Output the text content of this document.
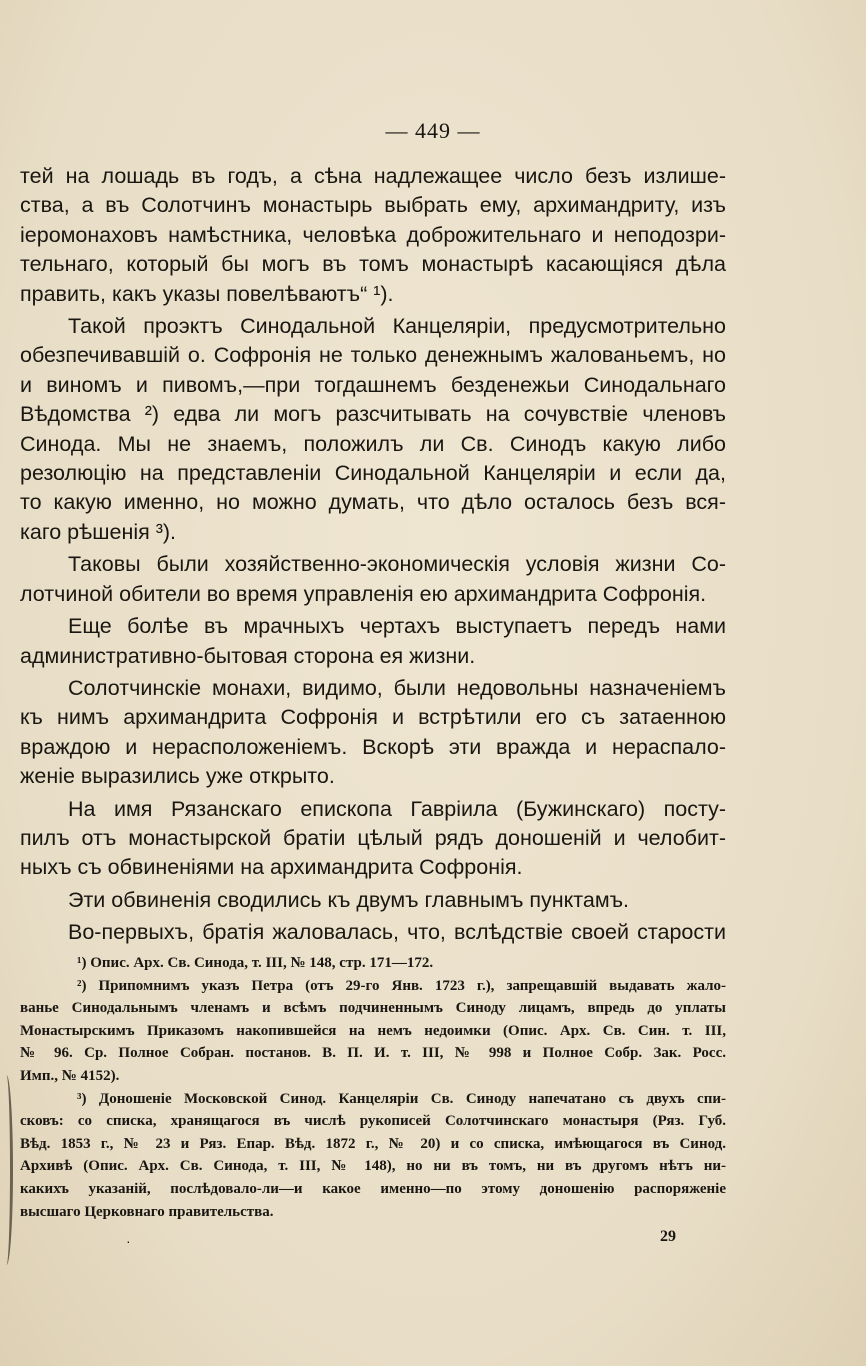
— 449 —
тей на лошадь въ годъ, а сѣна надлежащее число безъ излише-
ства, а въ Солотчинъ монастырь выбрать ему, архимандриту, изъ
іеромонаховъ намѣстника, человѣка доброжительнаго и неподозри-
тельнаго, который бы могъ въ томъ монастырѣ касающіяся дѣла
править, какъ указы повелѣваютъ“ ¹).
Такой проэктъ Синодальной Канцеляріи, предусмотрительно
обезпечивавшій о. Софронія не только денежнымъ жалованьемъ, но
и виномъ и пивомъ,—при тогдашнемъ безденежьи Синодальнаго
Вѣдомства ²) едва ли могъ разсчитывать на сочувствіе членовъ
Синода. Мы не знаемъ, положилъ ли Св. Синодъ какую либо
резолюцію на представленіи Синодальной Канцеляріи и если да,
то какую именно, но можно думать, что дѣло осталось безъ вся-
каго рѣшенія ³).
Таковы были хозяйственно-экономическія условія жизни Со-
лотчиной обители во время управленія ею архимандрита Софронія.
Еще болѣе въ мрачныхъ чертахъ выступаетъ передъ нами
административно-бытовая сторона ея жизни.
Солотчинскіе монахи, видимо, были недовольны назначеніемъ
къ нимъ архимандрита Софронія и встрѣтили его съ затаенною
враждою и нерасположеніемъ. Вскорѣ эти вражда и нераспало-
женіе выразились уже открыто.
На имя Рязанскаго епископа Гавріила (Бужинскаго) посту-
пилъ отъ монастырской братіи цѣлый рядъ доношеній и челобит-
ныхъ съ обвиненіями на архимандрита Софронія.
Эти обвиненія сводились къ двумъ главнымъ пунктамъ.
Во-первыхъ, братія жаловалась, что, вслѣдствіе своей старости
¹) Опис. Арх. Св. Синода, т. III, № 148, стр. 171—172.
²) Припомнимъ указъ Петра (отъ 29-го Янв. 1723 г.), запрещавшій выдавать жало-
ванье Синодальнымъ членамъ и всѣмъ подчиненнымъ Синоду лицамъ, впредь до уплаты
Монастырскимъ Приказомъ накопившейся на немъ недоимки (Опис. Арх. Св. Син. т. III,
№ 96. Ср. Полное Собран. постанов. В. П. И. т. III, № 998 и Полное Собр. Зак. Росс.
Имп., № 4152).
³) Доношеніе Московской Синод. Канцеляріи Св. Синоду напечатано съ двухъ спи-
сковъ: со списка, хранящагося въ числѣ рукописей Солотчинскаго монастыря (Ряз. Губ.
Вѣд. 1853 г., № 23 и Ряз. Епар. Вѣд. 1872 г., № 20) и со списка, имѣющагося въ Синод.
Архивѣ (Опис. Арх. Св. Синода, т. III, № 148), но ни въ томъ, ни въ другомъ нѣтъ ни-
какихъ указаній, послѣдовало-ли—и какое именно—по этому доношенію распоряженіе
высшаго Церковнаго правительства.
·	29
